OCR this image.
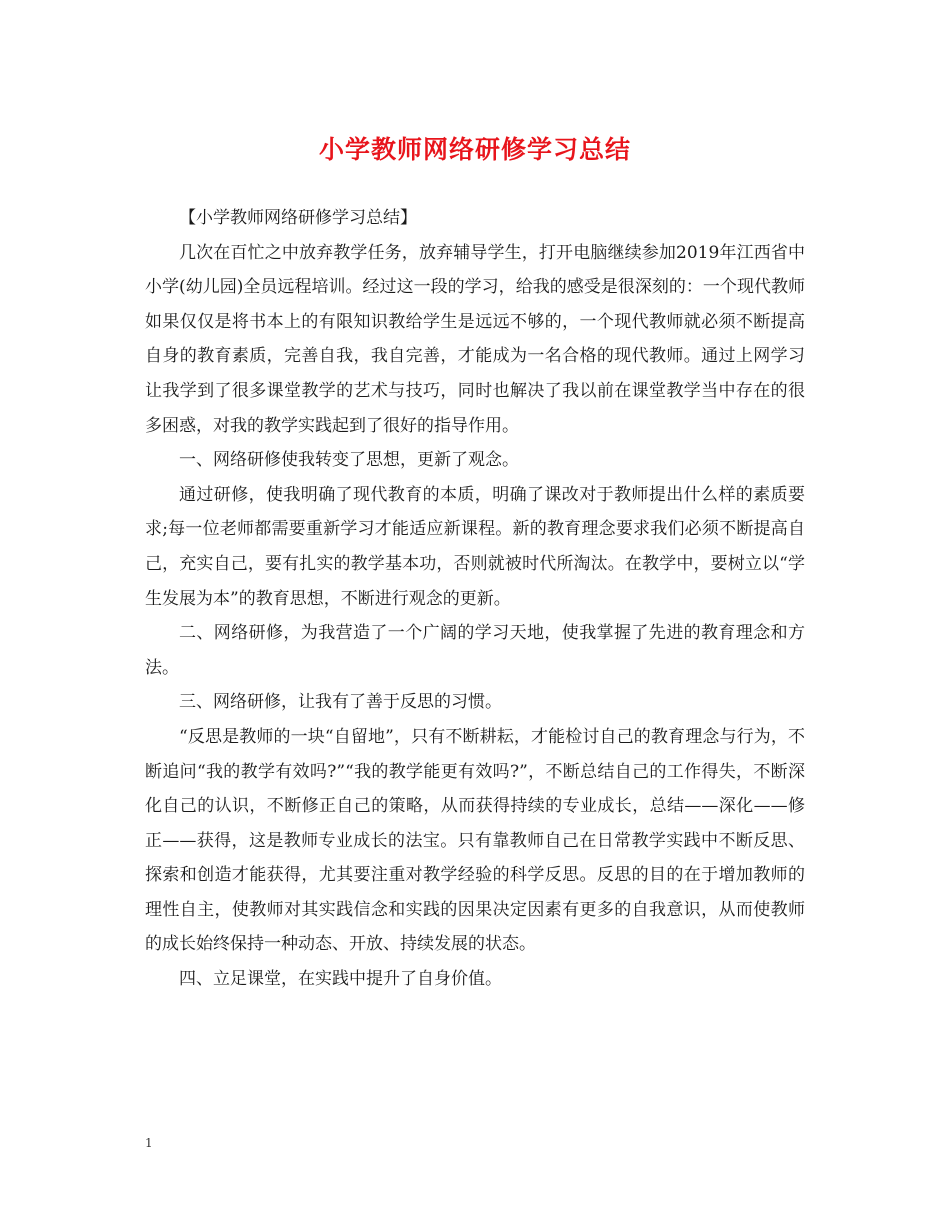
小学教师网络研修学习总结

【小学教师网络研修学习总结】

几次在百忙之中放弃教学任务，放弃辅导学生，打开电脑继续参加2019年江西省中小学(幼儿园)全员远程培训。经过这一段的学习，给我的感受是很深刻的：一个现代教师如果仅仅是将书本上的有限知识教给学生是远远不够的，一个现代教师就必须不断提高自身的教育素质，完善自我，我自完善，才能成为一名合格的现代教师。通过上网学习让我学到了很多课堂教学的艺术与技巧，同时也解决了我以前在课堂教学当中存在的很多困惑，对我的教学实践起到了很好的指导作用。

一、网络研修使我转变了思想，更新了观念。

通过研修，使我明确了现代教育的本质，明确了课改对于教师提出什么样的素质要求;每一位老师都需要重新学习才能适应新课程。新的教育理念要求我们必须不断提高自己，充实自己，要有扎实的教学基本功，否则就被时代所淘汰。在教学中，要树立以“学生发展为本”的教育思想，不断进行观念的更新。

二、网络研修，为我营造了一个广阔的学习天地，使我掌握了先进的教育理念和方法。

三、网络研修，让我有了善于反思的习惯。

“反思是教师的一块“自留地”，只有不断耕耘，才能检讨自己的教育理念与行为，不断追问“我的教学有效吗?”“我的教学能更有效吗?”，不断总结自己的工作得失，不断深化自己的认识，不断修正自己的策略，从而获得持续的专业成长，总结——深化——修正——获得，这是教师专业成长的法宝。只有靠教师自己在日常教学实践中不断反思、探索和创造才能获得，尤其要注重对教学经验的科学反思。反思的目的在于增加教师的理性自主，使教师对其实践信念和实践的因果决定因素有更多的自我意识，从而使教师的成长始终保持一种动态、开放、持续发展的状态。

四、立足课堂，在实践中提升了自身价值。

1
